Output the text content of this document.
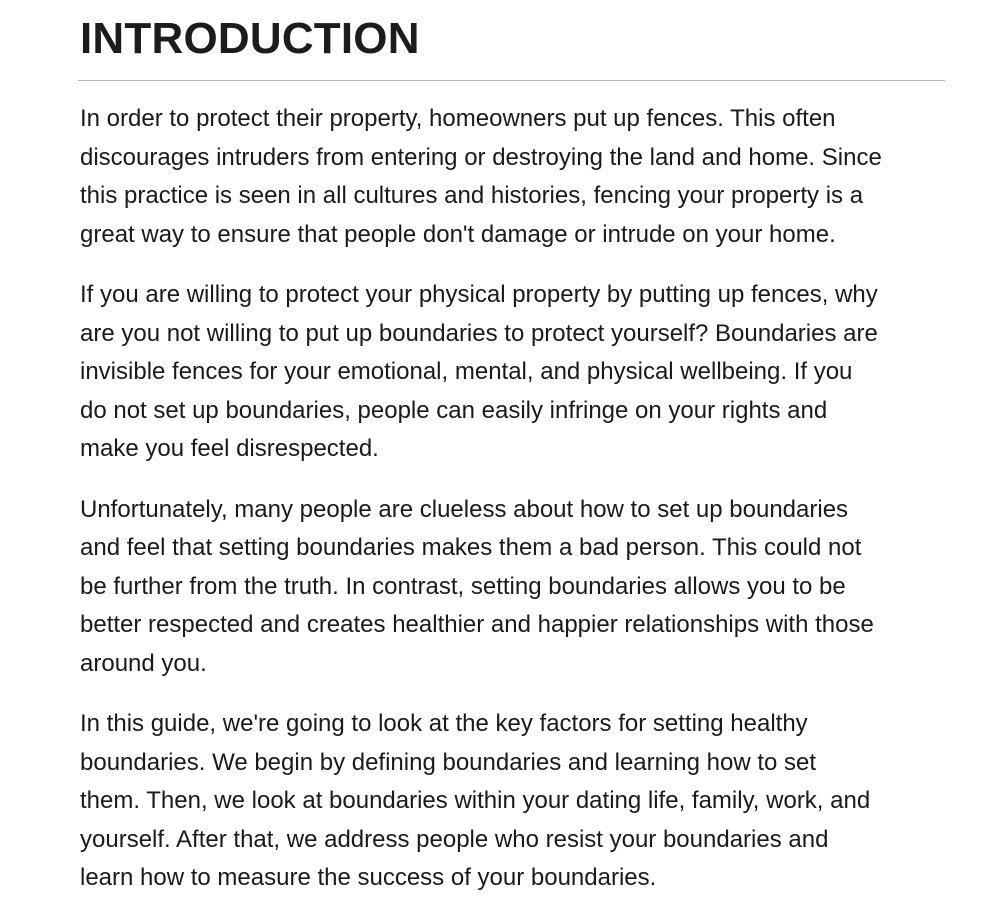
INTRODUCTION

In order to protect their property, homeowners put up fences. This often
discourages intruders from entering or destroying the land and home. Since
this practice is seen in all cultures and histories, fencing your property is a
great way to ensure that people don't damage or intrude on your home.

If you are willing to protect your physical property by putting up fences, why
are you not willing to put up boundaries to protect yourself? Boundaries are
invisible fences for your emotional, mental, and physical wellbeing. If you
do not set up boundaries, people can easily infringe on your rights and
make you feel disrespected.

Unfortunately, many people are clueless about how to set up boundaries
and feel that setting boundaries makes them a bad person. This could not
be further from the truth. In contrast, setting boundaries allows you to be
better respected and creates healthier and happier relationships with those
around you.

In this guide, we're going to look at the key factors for setting healthy
boundaries. We begin by defining boundaries and learning how to set
them. Then, we look at boundaries within your dating life, family, work, and
yourself. After that, we address people who resist your boundaries and
learn how to measure the success of your boundaries.
